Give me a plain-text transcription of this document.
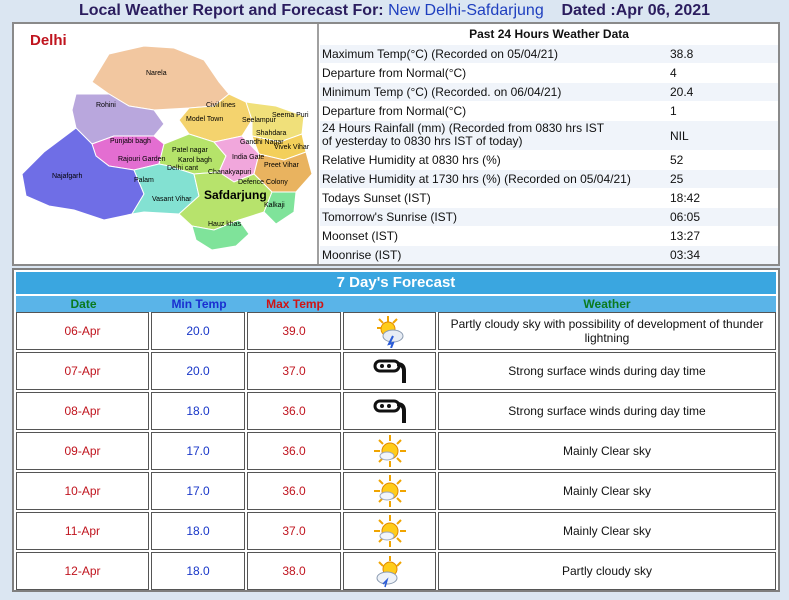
Local Weather Report and Forecast For: New Delhi-Safdarjung Dated :Apr 06, 2021
Delhi
Narela
Rohini	Civil lines
Model Town	Seelampur
Seema Puri
Shahdara
Punjabi bagh
Patel nagar
Gandhi Nagar
Rajouri Garden Karol bagh
Vivek Vihar
Delhi cant
India Gate
Preet Vihar
Najafgarh
Chanakyapuri
Defence Colony
Palam
Safdarjung
Vasant Vihar
Kalkaji
Hauz khas
Past 24 Hours Weather Data
Maximum Temp(°C) (Recorded on 05/04/21)	38.8
Departure from Normal(°C)	4
Minimum Temp (°C) (Recorded. on 06/04/21)	20.4
Departure from Normal(°C)	1
24 Hours Rainfall (mm) (Recorded from 0830 hrs IST
of yesterday to 0830 hrs IST of today)	NIL
Relative Humidity at 0830 hrs (%)	52
Relative Humidity at 1730 hrs (%) (Recorded on 05/04/21)	25
Todays Sunset (IST)	18:42
Tomorrow's Sunrise (IST)	06:05
Moonset (IST)	13:27
Moonrise (IST)	03:34
7 Day's Forecast
Date	Min Temp	Max Temp	Weather
06-Apr	20.0	39.0	Partly cloudy sky with possibility of development of thunder lightning
07-Apr	20.0	37.0	Strong surface winds during day time
08-Apr	18.0	36.0	Strong surface winds during day time
09-Apr	17.0	36.0	Mainly Clear sky
10-Apr	17.0	36.0	Mainly Clear sky
11-Apr	18.0	37.0	Mainly Clear sky
12-Apr	18.0	38.0	Partly cloudy sky
